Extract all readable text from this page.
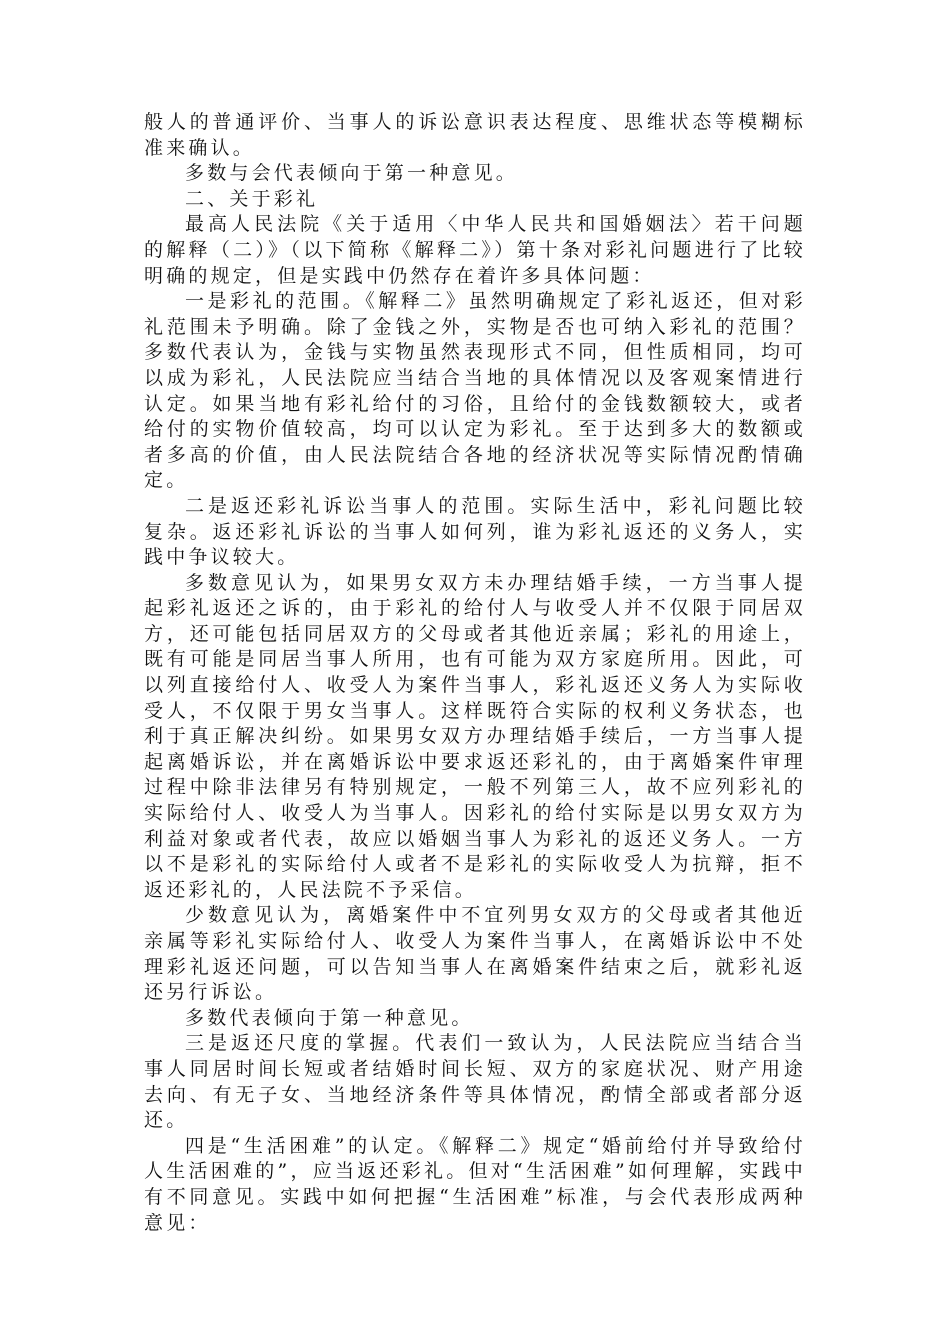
般人的普通评价、当事人的诉讼意识表达程度、思维状态等模糊标准来确认。

多数与会代表倾向于第一种意见。

二、关于彩礼

最高人民法院《关于适用〈中华人民共和国婚姻法〉若干问题的解释（二）》（以下简称《解释二》）第十条对彩礼问题进行了比较明确的规定，但是实践中仍然存在着许多具体问题：

一是彩礼的范围。《解释二》虽然明确规定了彩礼返还，但对彩礼范围未予明确。除了金钱之外，实物是否也可纳入彩礼的范围？多数代表认为，金钱与实物虽然表现形式不同，但性质相同，均可以成为彩礼，人民法院应当结合当地的具体情况以及客观案情进行认定。如果当地有彩礼给付的习俗，且给付的金钱数额较大，或者给付的实物价值较高，均可以认定为彩礼。至于达到多大的数额或者多高的价值，由人民法院结合各地的经济状况等实际情况酌情确定。

二是返还彩礼诉讼当事人的范围。实际生活中，彩礼问题比较复杂。返还彩礼诉讼的当事人如何列，谁为彩礼返还的义务人，实践中争议较大。

多数意见认为，如果男女双方未办理结婚手续，一方当事人提起彩礼返还之诉的，由于彩礼的给付人与收受人并不仅限于同居双方，还可能包括同居双方的父母或者其他近亲属；彩礼的用途上，既有可能是同居当事人所用，也有可能为双方家庭所用。因此，可以列直接给付人、收受人为案件当事人，彩礼返还义务人为实际收受人，不仅限于男女当事人。这样既符合实际的权利义务状态，也利于真正解决纠纷。如果男女双方办理结婚手续后，一方当事人提起离婚诉讼，并在离婚诉讼中要求返还彩礼的，由于离婚案件审理过程中除非法律另有特别规定，一般不列第三人，故不应列彩礼的实际给付人、收受人为当事人。因彩礼的给付实际是以男女双方为利益对象或者代表，故应以婚姻当事人为彩礼的返还义务人。一方以不是彩礼的实际给付人或者不是彩礼的实际收受人为抗辩，拒不返还彩礼的，人民法院不予采信。

少数意见认为，离婚案件中不宜列男女双方的父母或者其他近亲属等彩礼实际给付人、收受人为案件当事人，在离婚诉讼中不处理彩礼返还问题，可以告知当事人在离婚案件结束之后，就彩礼返还另行诉讼。

多数代表倾向于第一种意见。

三是返还尺度的掌握。代表们一致认为，人民法院应当结合当事人同居时间长短或者结婚时间长短、双方的家庭状况、财产用途去向、有无子女、当地经济条件等具体情况，酌情全部或者部分返还。

四是“生活困难”的认定。《解释二》规定“婚前给付并导致给付人生活困难的”，应当返还彩礼。但对“生活困难”如何理解，实践中有不同意见。实践中如何把握“生活困难”标准，与会代表形成两种意见：
